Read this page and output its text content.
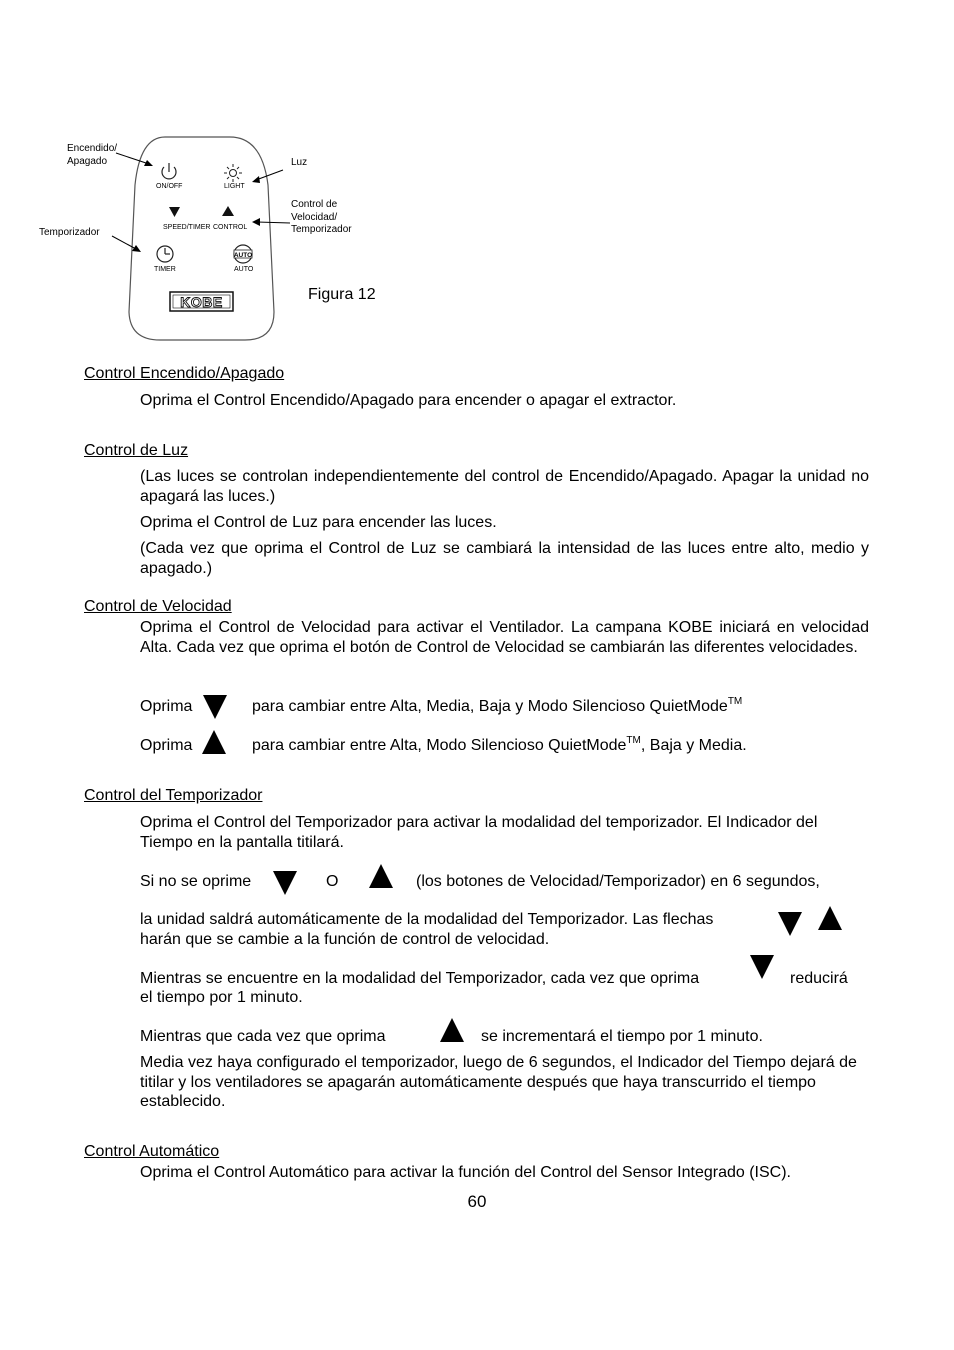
AUTO
KOBE
ON/OFF	LIGHT
SPEED/TIMER CONTROL
TIMER	AUTO
Encendido/
Apagado	Luz
Control de
Velocidad/
Temporizador
Temporizador
Figura 12
Control Encendido/Apagado
Oprima el Control Encendido/Apagado para encender o apagar el extractor.
Control de Luz
(Las luces se controlan independientemente del control de Encendido/Apagado. Apagar la unidad no apagará las luces.)
Oprima el Control de Luz para encender las luces.
(Cada vez que oprima el Control de Luz se cambiará la intensidad de las luces entre alto, medio y apagado.)
Control de Velocidad
Oprima el Control de Velocidad para activar el Ventilador. La campana KOBE iniciará en velocidad Alta. Cada vez que oprima el botón de Control de Velocidad se cambiarán las diferentes velocidades.
Oprima	para cambiar entre Alta, Media, Baja y Modo Silencioso QuietMode™
Oprima	para cambiar entre Alta, Modo Silencioso QuietMode™, Baja y Media.
Control del Temporizador
Oprima el Control del Temporizador para activar la modalidad del temporizador. El Indicador del Tiempo en la pantalla titilará.
Si no se oprime	O	(los botones de Velocidad/Temporizador) en 6 segundos,
la unidad saldrá automáticamente de la modalidad del Temporizador. Las flechas
harán que se cambie a la función de control de velocidad.
Mientras se encuentre en la modalidad del Temporizador, cada vez que oprima	reducirá
el tiempo por 1 minuto.
Mientras que cada vez que oprima	se incrementará el tiempo por 1 minuto.
Media vez haya configurado el temporizador, luego de 6 segundos, el Indicador del Tiempo dejará de titilar y los ventiladores se apagarán automáticamente después que haya transcurrido el tiempo establecido.
Control Automático
Oprima el Control Automático para activar la función del Control del Sensor Integrado (ISC).
60
